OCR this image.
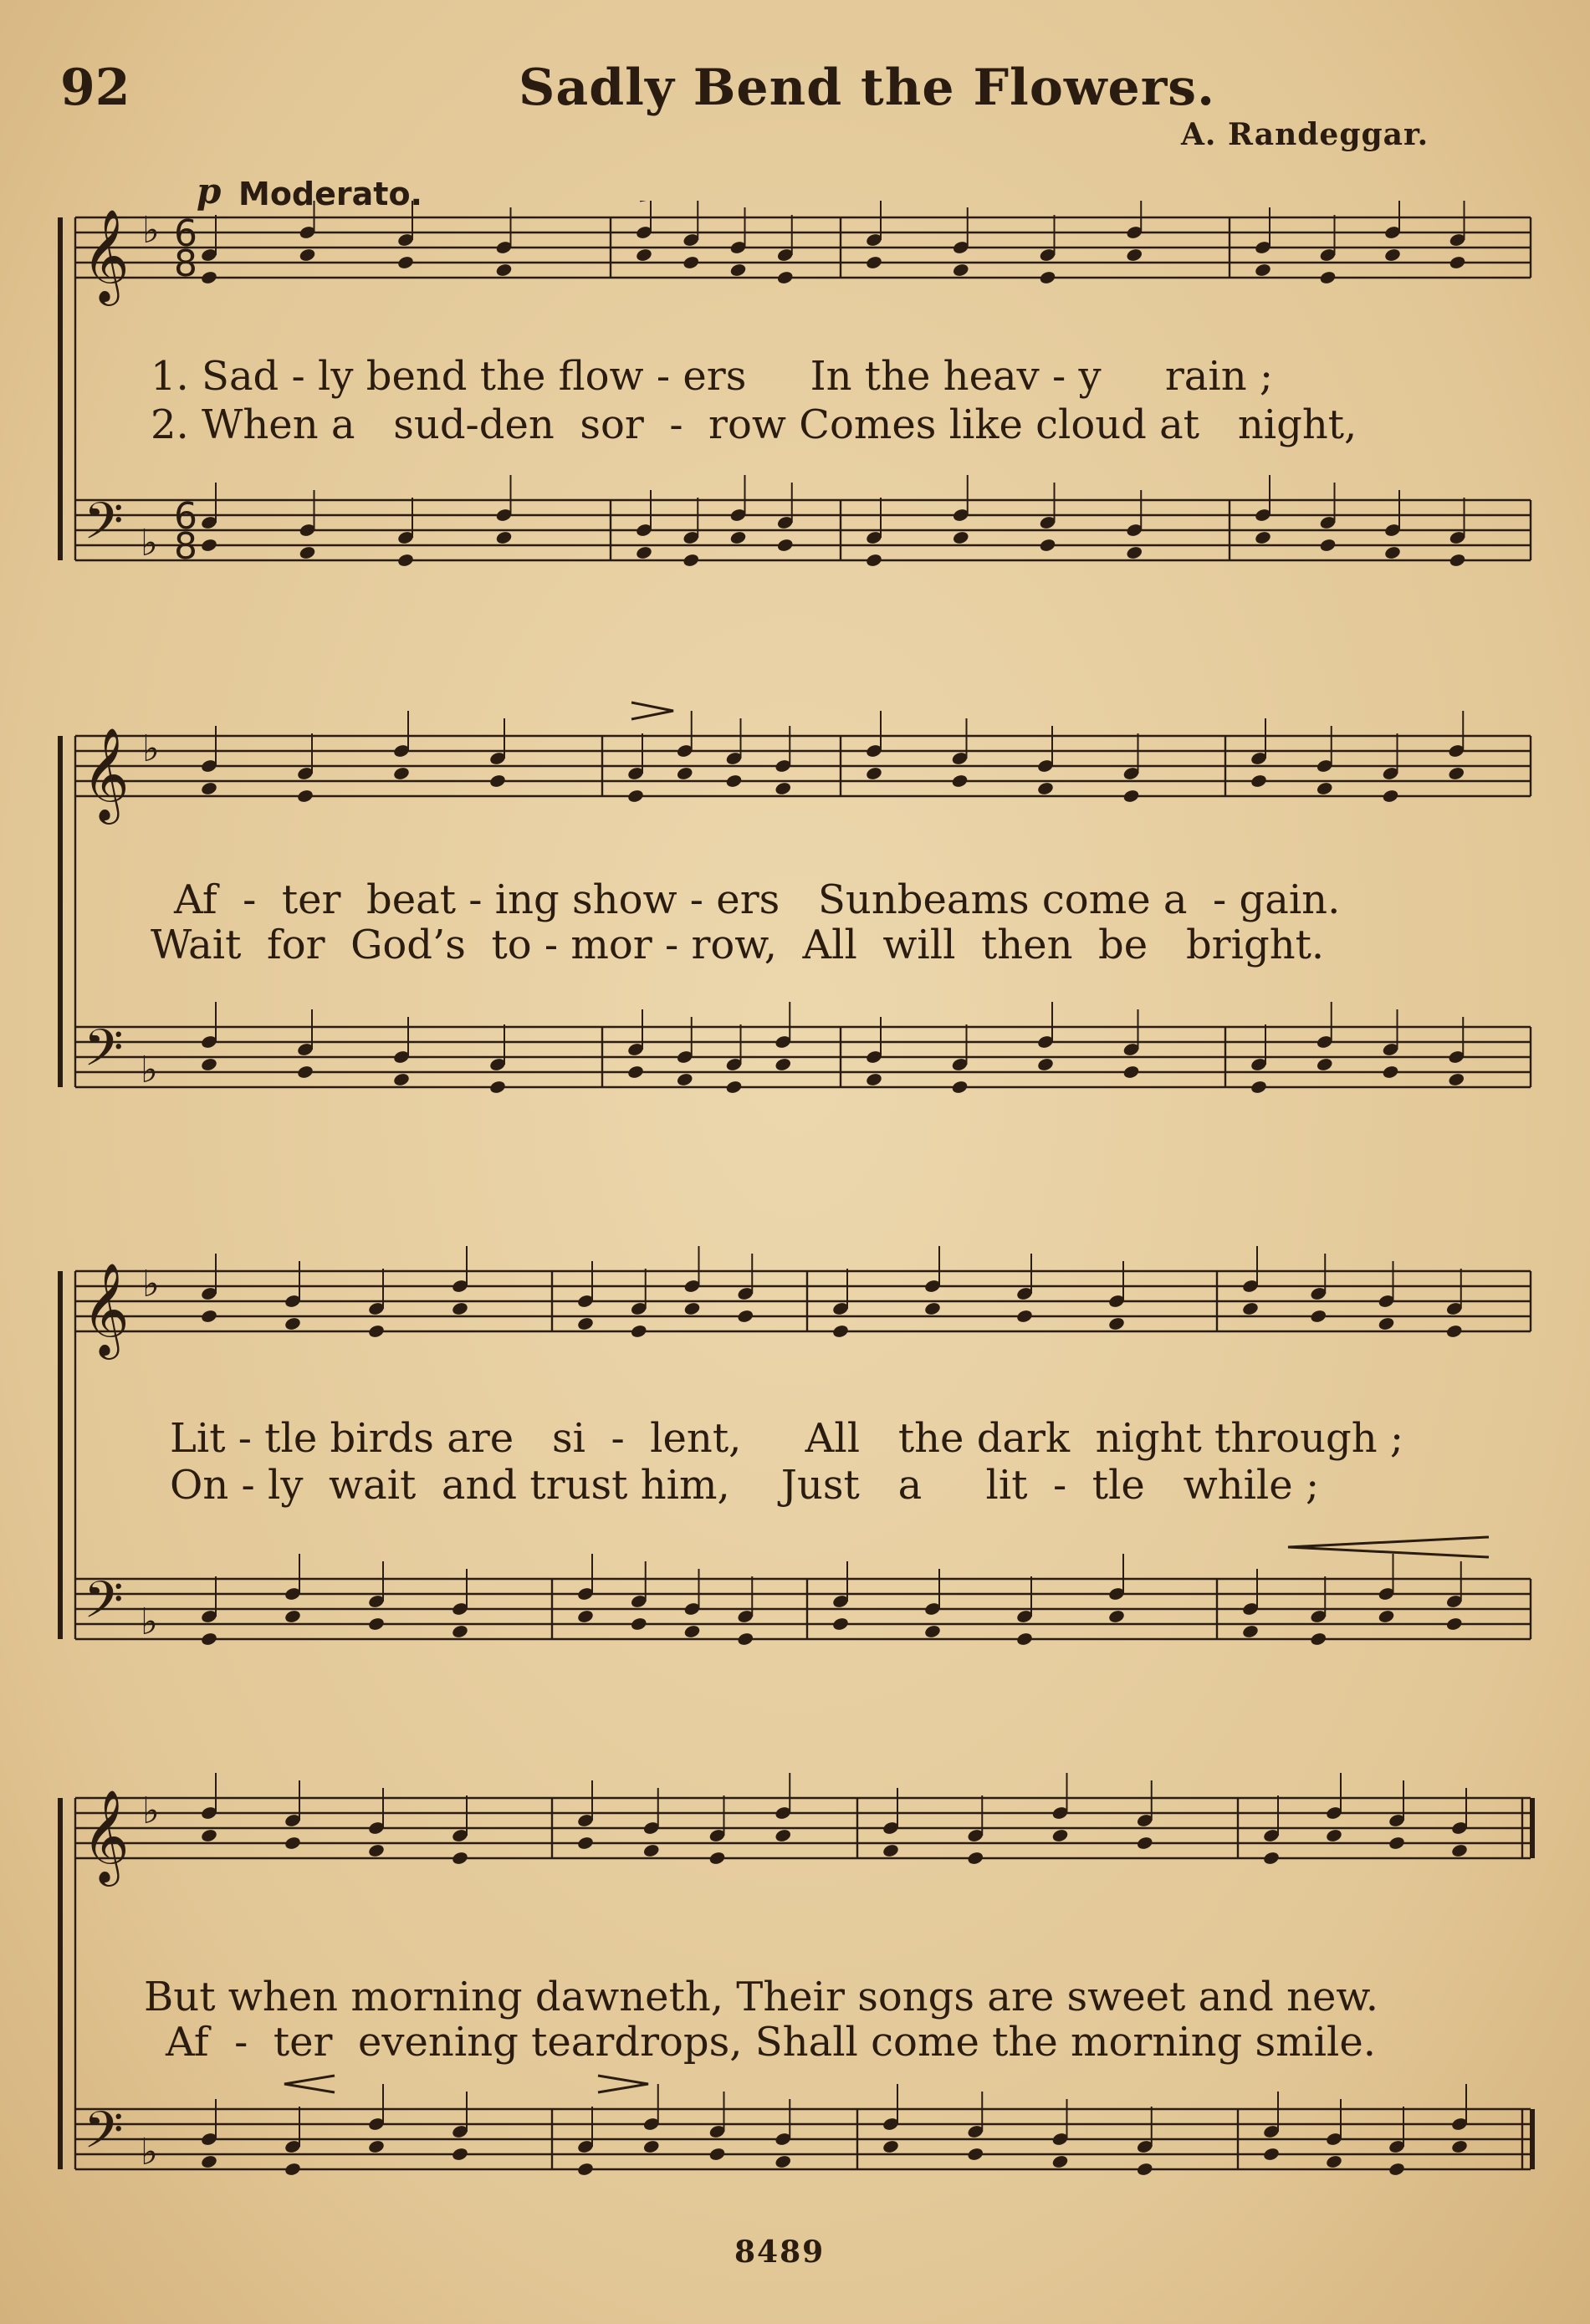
92	Sadly Bend the Flowers.
A. Randeggar.
p Moderato.
𝄞
𝄢
♭
♭
6
8
6
8
1. Sad - ly bend the flow - ers     In the heav - y     rain ;
2. When a   sud-den  sor  -  row Comes like cloud at   night,
𝄞
𝄢
♭
♭
Af  -  ter  beat - ing show - ers   Sunbeams come a  - gain.
Wait  for  God’s  to - mor - row,  All  will  then  be   bright.
𝄞
𝄢
♭
♭
Lit - tle birds are   si  -  lent,     All   the dark  night through ;
On - ly  wait  and trust him,    Just   a     lit  -  tle   while ;
𝄞
𝄢
♭
♭
But when morning dawneth, Their songs are sweet and new.
Af  -  ter  evening teardrops, Shall come the morning smile.
8489
